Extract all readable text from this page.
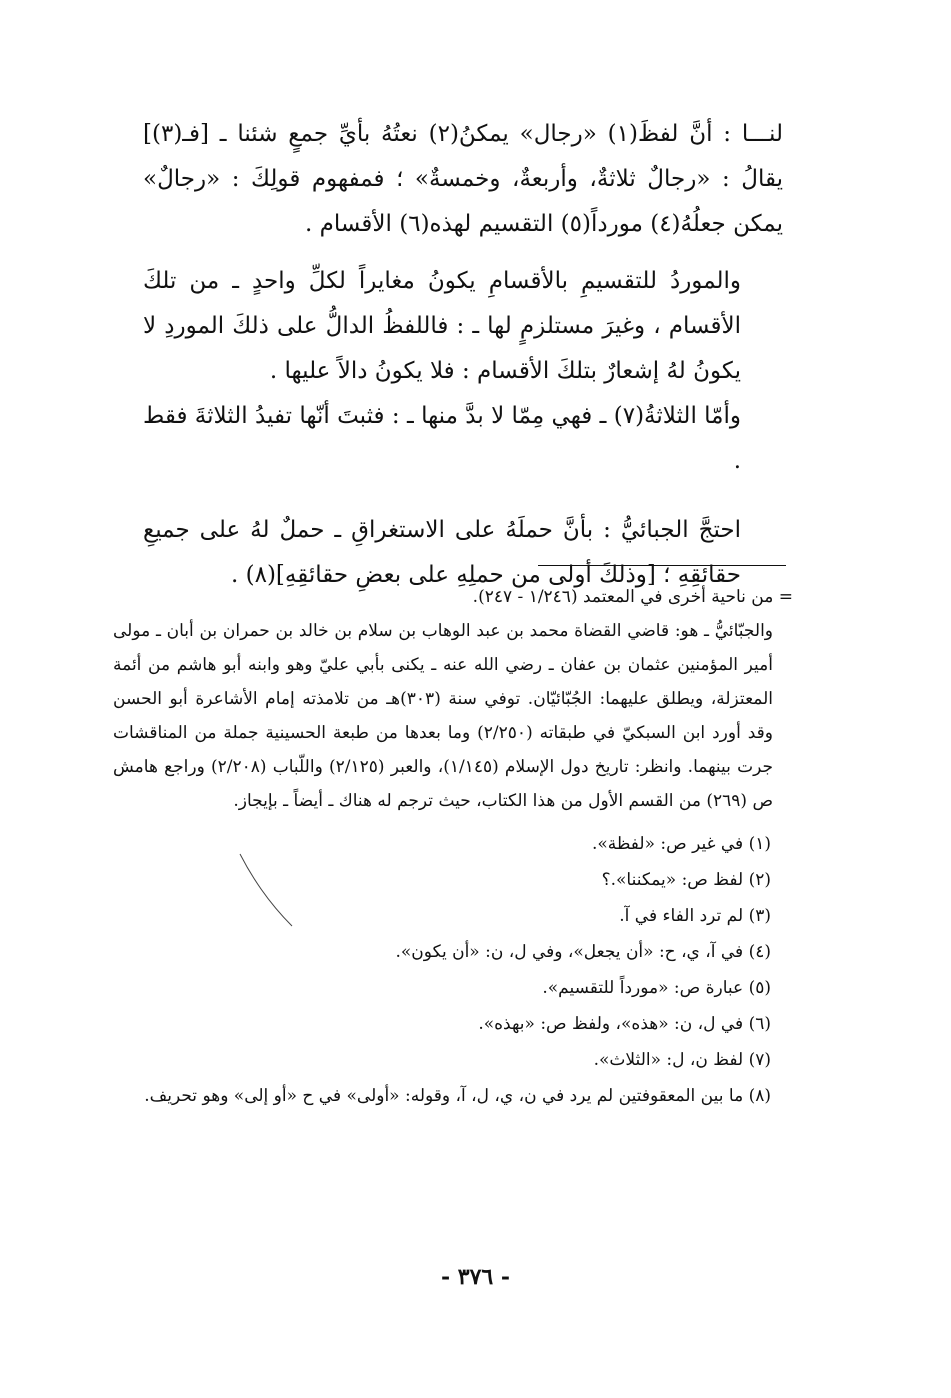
لنـــا : أنَّ لفظَ(١) «رجال» يمكنُ(٢) نعتُهُ بأيِّ جمعٍ شئنا ـ [فـ(٣)] يقالُ : «رجالٌ ثلاثةٌ، وأربعةٌ، وخمسةٌ» ؛ فمفهوم قولِكَ : «رجالٌ» يمكن جعلُهُ(٤) مورداً(٥) التقسيم لهذه(٦) الأقسام .

والموردُ للتقسيمِ بالأقسامِ يكونُ مغايراً لكلِّ واحدٍ ـ من تلكَ الأقسام ، وغيرَ مستلزمٍ لها ـ : فاللفظُ الدالُّ على ذلكَ الموردِ لا يكونُ لهُ إشعارٌ بتلكَ الأقسام : فلا يكونُ دالاً عليها .

وأمّا الثلاثةُ(٧) ـ فهي مِمّا لا بدَّ منها ـ : فثبتَ أنّها تفيدُ الثلاثةَ فقط .

احتجَّ الجبائيُّ : بأنَّ حملَهُ على الاستغراقِ ـ حملٌ لهُ على جميعِ حقائقِهِ ؛ [وذلكَ أولى من حملِهِ على بعضِ حقائقِهِ](٨) .

= من ناحية أخرى في المعتمد (١/٢٤٦ - ٢٤٧).

والجبّائيُّ ـ هو: قاضي القضاة محمد بن عبد الوهاب بن سلام بن خالد بن حمران بن أبان ـ مولى أمير المؤمنين عثمان بن عفان ـ رضي الله عنه ـ يكنى بأبي عليّ وهو وابنه أبو هاشم من أئمة المعتزلة، ويطلق عليهما: الجُبّائيّان. توفي سنة (٣٠٣)هـ من تلامذته إمام الأشاعرة أبو الحسن وقد أورد ابن السبكيّ في طبقاته (٢/٢٥٠) وما بعدها من طبعة الحسينية جملة من المناقشات جرت بينهما. وانظر: تاريخ دول الإسلام (١/١٤٥)، والعبر (٢/١٢٥) واللّباب (٢/٢٠٨) وراجع هامش ص (٢٦٩) من القسم الأول من هذا الكتاب، حيث ترجم له هناك ـ أيضاً ـ بإيجاز.

(١) في غير ص: «لفظة».

(٢) لفظ ص: «يمكننا».؟

(٣) لم ترد الفاء في آ.

(٤) في آ، ي، ح: «أن يجعل»، وفي ل، ن: «أن يكون».

(٥) عبارة ص: «مورداً للتقسيم».

(٦) في ل، ن: «هذه»، ولفظ ص: «بهذه».

(٧) لفظ ن، ل: «الثلاث».

(٨) ما بين المعقوفتين لم يرد في ن، ي، ل، آ، وقوله: «أولى» في ح «أو إلى» وهو تحريف.

- ٣٧٦ -
